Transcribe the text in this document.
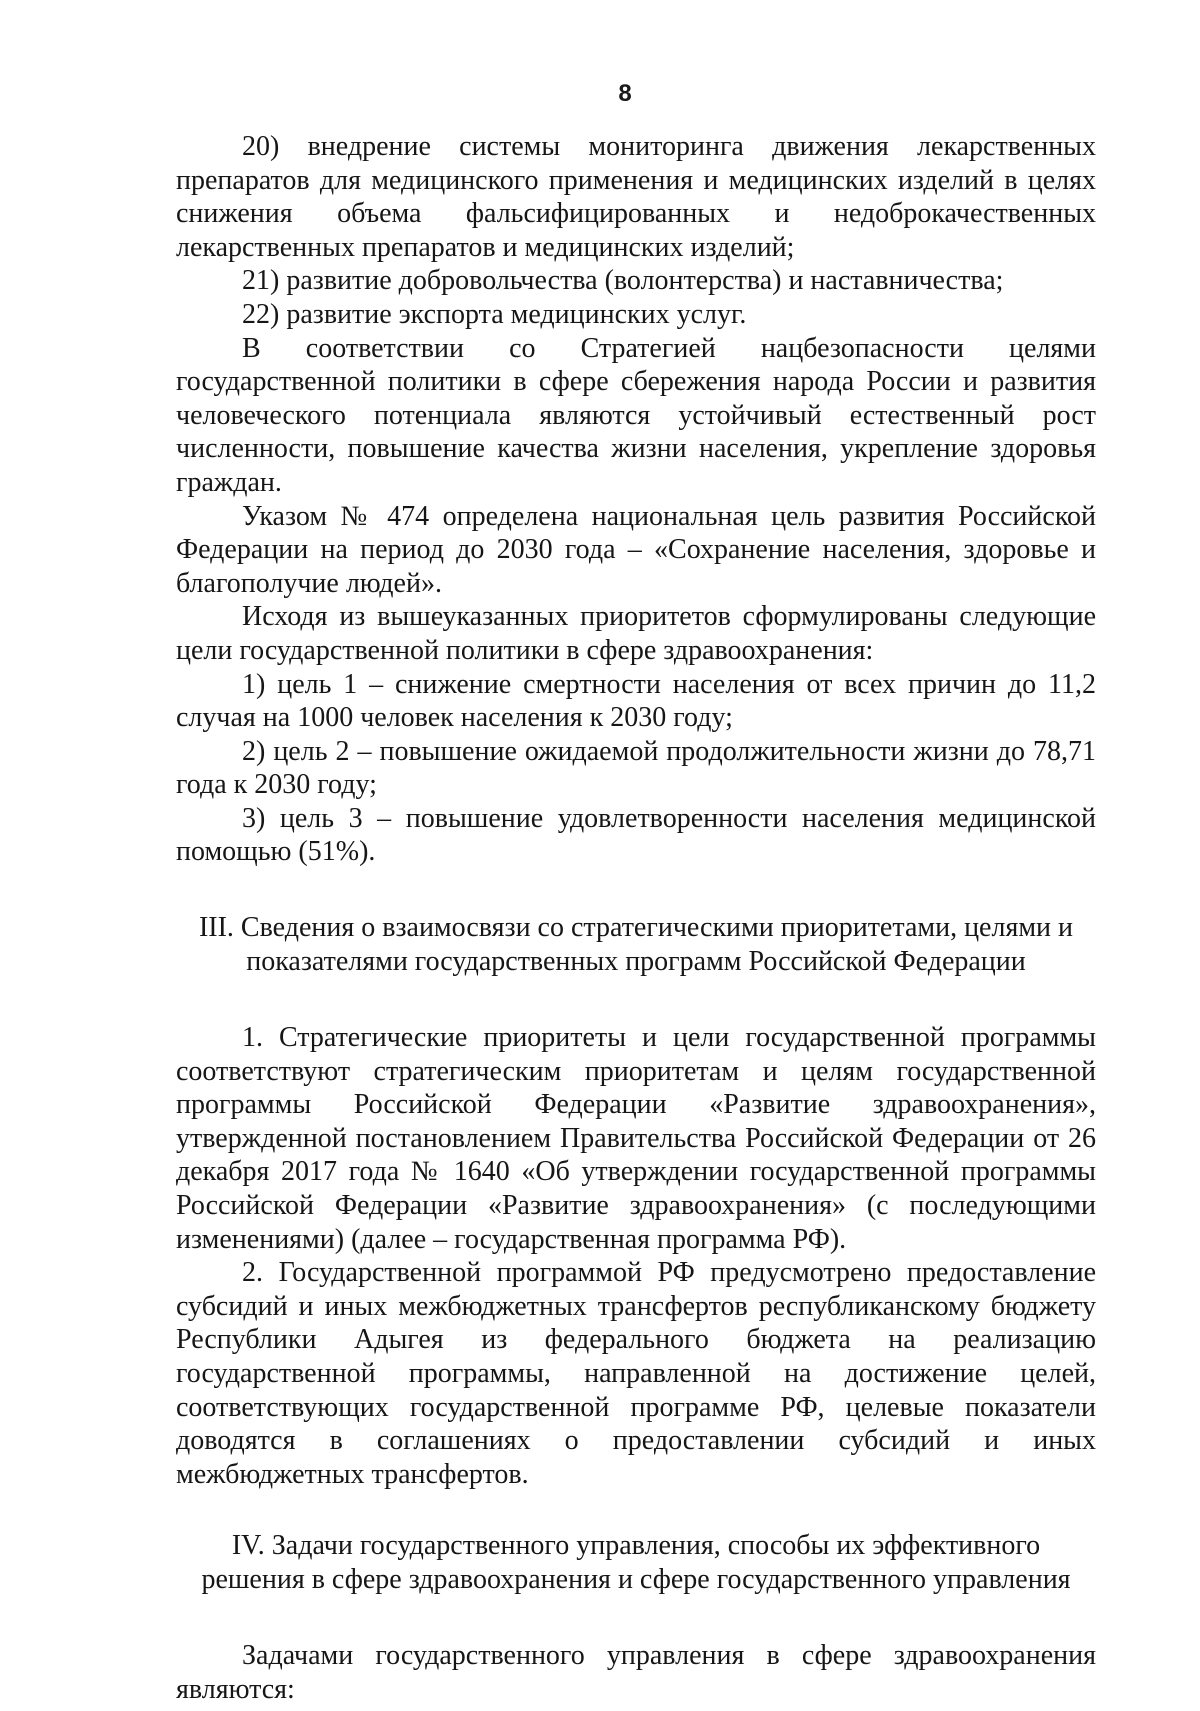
8

20) внедрение системы мониторинга движения лекарственных препаратов для медицинского применения и медицинских изделий в целях снижения объема фальсифицированных и недоброкачественных лекарственных препаратов и медицинских изделий;

21) развитие добровольчества (волонтерства) и наставничества;

22) развитие экспорта медицинских услуг.

В соответствии со Стратегией нацбезопасности целями государственной политики в сфере сбережения народа России и развития человеческого потенциала являются устойчивый естественный рост численности, повышение качества жизни населения, укрепление здоровья граждан.

Указом № 474 определена национальная цель развития Российской Федерации на период до 2030 года – «Сохранение населения, здоровье и благополучие людей».

Исходя из вышеуказанных приоритетов сформулированы следующие цели государственной политики в сфере здравоохранения:

1) цель 1 – снижение смертности населения от всех причин до 11,2 случая на 1000 человек населения к 2030 году;

2) цель 2 – повышение ожидаемой продолжительности жизни до 78,71 года к 2030 году;

3) цель 3 – повышение удовлетворенности населения медицинской помощью (51%).

III. Сведения о взаимосвязи со стратегическими приоритетами, целями и
показателями государственных программ Российской Федерации

1. Стратегические приоритеты и цели государственной программы соответствуют стратегическим приоритетам и целям государственной программы Российской Федерации «Развитие здравоохранения», утвержденной постановлением Правительства Российской Федерации от 26 декабря 2017 года № 1640 «Об утверждении государственной программы Российской Федерации «Развитие здравоохранения» (с последующими изменениями) (далее – государственная программа РФ).

2. Государственной программой РФ предусмотрено предоставление субсидий и иных межбюджетных трансфертов республиканскому бюджету Республики Адыгея из федерального бюджета на реализацию государственной программы, направленной на достижение целей, соответствующих государственной программе РФ, целевые показатели доводятся в соглашениях о предоставлении субсидий и иных межбюджетных трансфертов.

IV. Задачи государственного управления, способы их эффективного
решения в сфере здравоохранения и сфере государственного управления

Задачами государственного управления в сфере здравоохранения являются:
